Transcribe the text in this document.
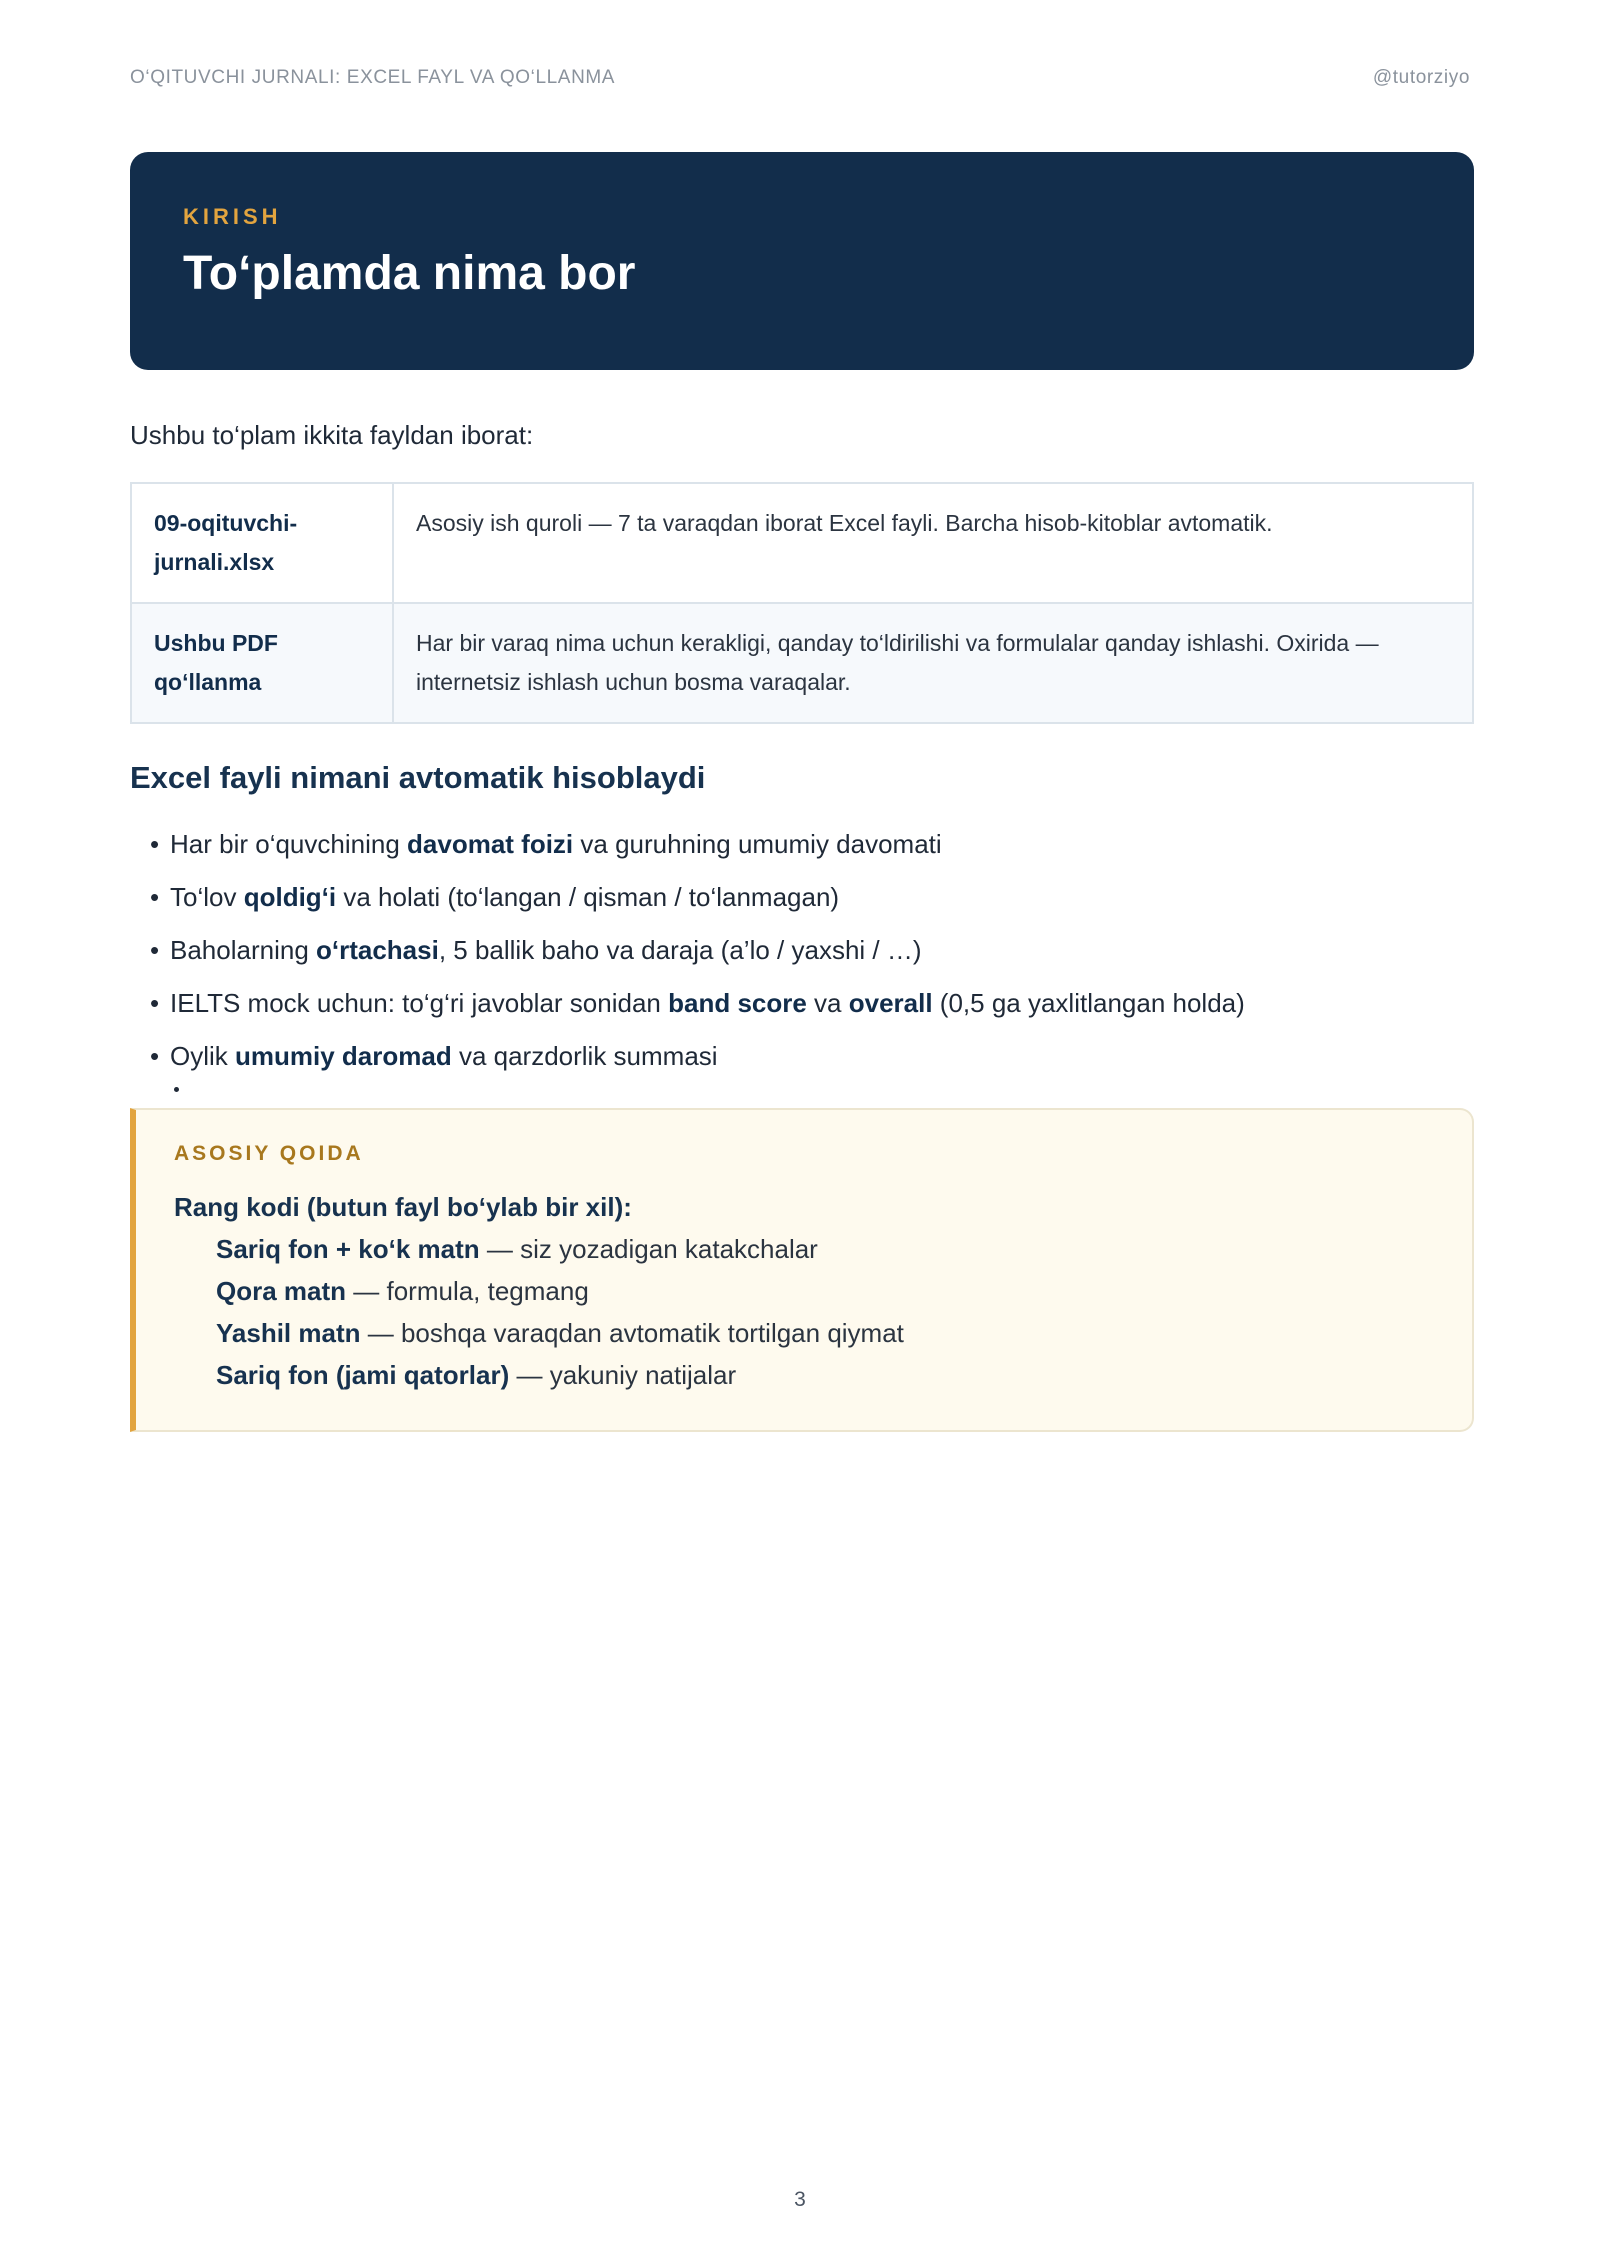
O‘QITUVCHI JURNALI: EXCEL FAYL VA QO‘LLANMA	@tutorziyo
KIRISH
To‘plamda nima bor

Ushbu to‘plam ikkita fayldan iborat:

09-oqituvchi-jurnali.xlsx	Asosiy ish quroli — 7 ta varaqdan iborat Excel fayli. Barcha hisob-kitoblar avtomatik.
Ushbu PDF qo‘llanma	Har bir varaq nima uchun kerakligi, qanday to‘ldirilishi va formulalar qanday ishlashi. Oxirida — internetsiz ishlash uchun bosma varaqalar.
Excel fayli nimani avtomatik hisoblaydi
• Har bir o‘quvchining davomat foizi va guruhning umumiy davomati
• To‘lov qoldig‘i va holati (to‘langan / qisman / to‘lanmagan)
• Baholarning o‘rtachasi, 5 ballik baho va daraja (a’lo / yaxshi / …)
• IELTS mock uchun: to‘g‘ri javoblar sonidan band score va overall (0,5 ga yaxlitlangan holda)
• Oylik umumiy daromad va qarzdorlik summasi
ASOSIY QOIDA
Rang kodi (butun fayl bo‘ylab bir xil):
Sariq fon + ko‘k matn — siz yozadigan katakchalar
Qora matn — formula, tegmang
Yashil matn — boshqa varaqdan avtomatik tortilgan qiymat
Sariq fon (jami qatorlar) — yakuniy natijalar
3
